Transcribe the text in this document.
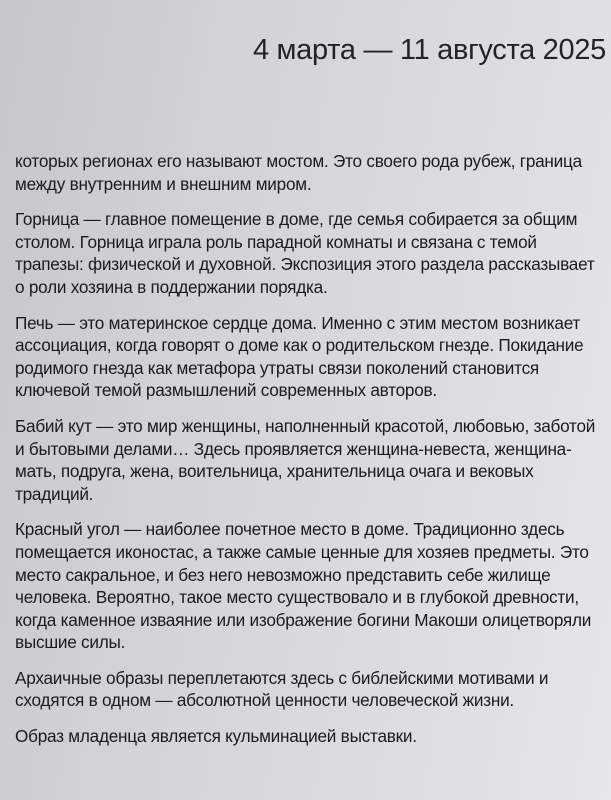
4 марта — 11 августа 2025

которых регионах его называют мостом. Это своего рода рубеж, граница между внутренним и внешним миром.

Горница — главное помещение в доме, где семья собирается за общим столом. Горница играла роль парадной комнаты и связана с темой трапезы: физической и духовной. Экспозиция этого раздела рассказывает о роли хозяина в поддержании порядка.

Печь — это материнское сердце дома. Именно с этим местом возникает ассоциация, когда говорят о доме как о родительском гнезде. Покидание родимого гнезда как метафора утраты связи поколений становится ключевой темой размышлений современных авторов.

Бабий кут — это мир женщины, наполненный красотой, любовью, заботой и бытовыми делами… Здесь проявляется женщина-невеста, женщина-мать, подруга, жена, воительница, хранительница очага и вековых традиций.

Красный угол — наиболее почетное место в доме. Традиционно здесь помещается иконостас, а также самые ценные для хозяев предметы. Это место сакральное, и без него невозможно представить себе жилище человека. Вероятно, такое место существовало и в глубокой древности, когда каменное изваяние или изображение богини Макоши олицетворяли высшие силы.

Архаичные образы переплетаются здесь с библейскими мотивами и сходятся в одном — абсолютной ценности человеческой жизни.

Образ младенца является кульминацией выставки.
